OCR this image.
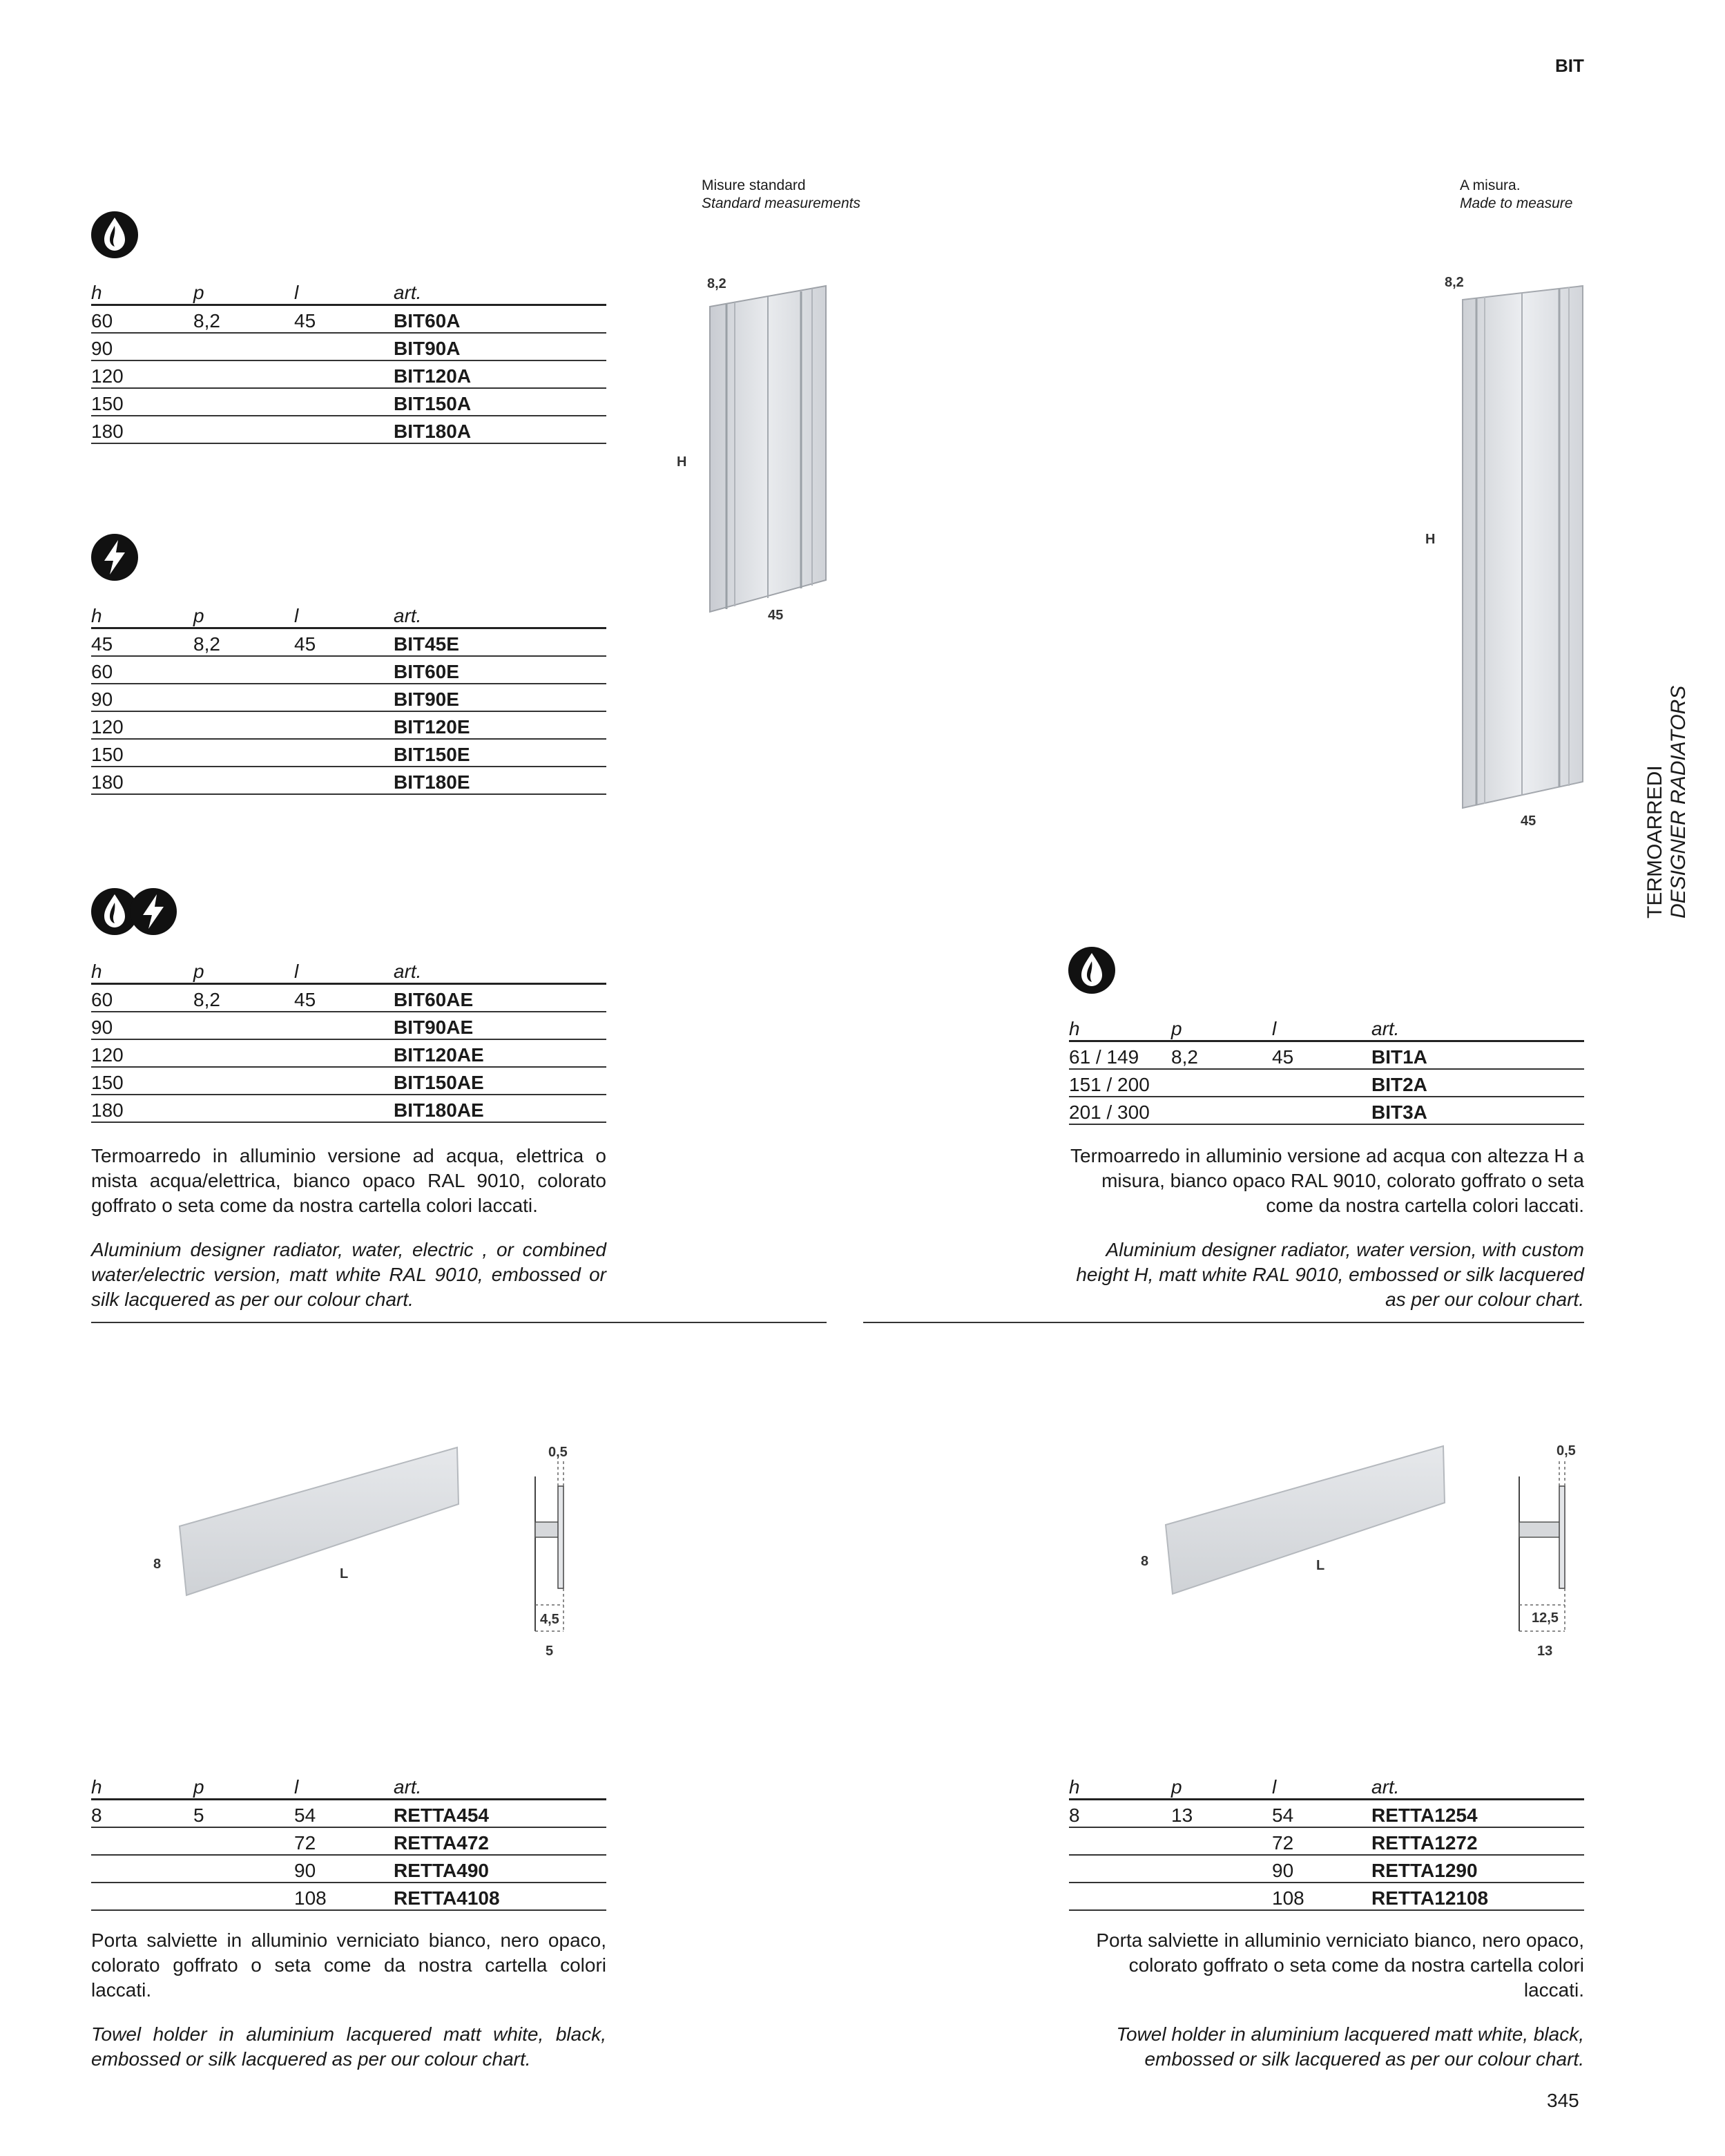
BIT
Misure standard
Standard measurements
A misura.
Made to measure
TERMOARREDI DESIGNER RADIATORS
h	p	l	art.
60	8,2	45	BIT60A
90			BIT90A
120			BIT120A
150			BIT150A
180			BIT180A
h	p	l	art.
45	8,2	45	BIT45E
60			BIT60E
90			BIT90E
120			BIT120E
150			BIT150E
180			BIT180E
h	p	l	art.
60	8,2	45	BIT60AE
90			BIT90AE
120			BIT120AE
150			BIT150AE
180			BIT180AE
Termoarredo in alluminio versione ad acqua, elettrica o mista acqua/elettrica, bianco opaco RAL 9010, colorato goffrato o seta come da nostra cartella colori laccati.
Aluminium designer radiator, water, electric , or combined water/electric version, matt white RAL 9010, embossed or silk lacquered as per our colour chart.
h	p	l	art.
61 / 149	8,2	45	BIT1A
151 / 200			BIT2A
201 / 300			BIT3A
Termoarredo in alluminio versione ad acqua con altezza H a misura, bianco opaco RAL 9010, colorato goffrato o seta come da nostra cartella colori laccati.
Aluminium designer radiator, water version, with custom height H, matt white RAL 9010, embossed or silk lacquered as per our colour chart.
8,2
H
45
8,2
H
45
8
L
0,5
4,5
5
8	L
0,5
12,5
13
h	p	l	art.
8	5	54	RETTA454
		72	RETTA472
		90	RETTA490
		108	RETTA4108
Porta salviette in alluminio verniciato bianco, nero opaco, colorato goffrato o seta come da nostra cartella colori laccati.
Towel holder in aluminium lacquered matt white, black, embossed or silk lacquered as per our colour chart.
h	p	l	art.
8	13	54	RETTA1254
		72	RETTA1272
		90	RETTA1290
		108	RETTA12108
Porta salviette in alluminio verniciato bianco, nero opaco, colorato goffrato o seta come da nostra cartella colori laccati.
Towel holder in aluminium lacquered matt white, black, embossed or silk lacquered as per our colour chart.
345
